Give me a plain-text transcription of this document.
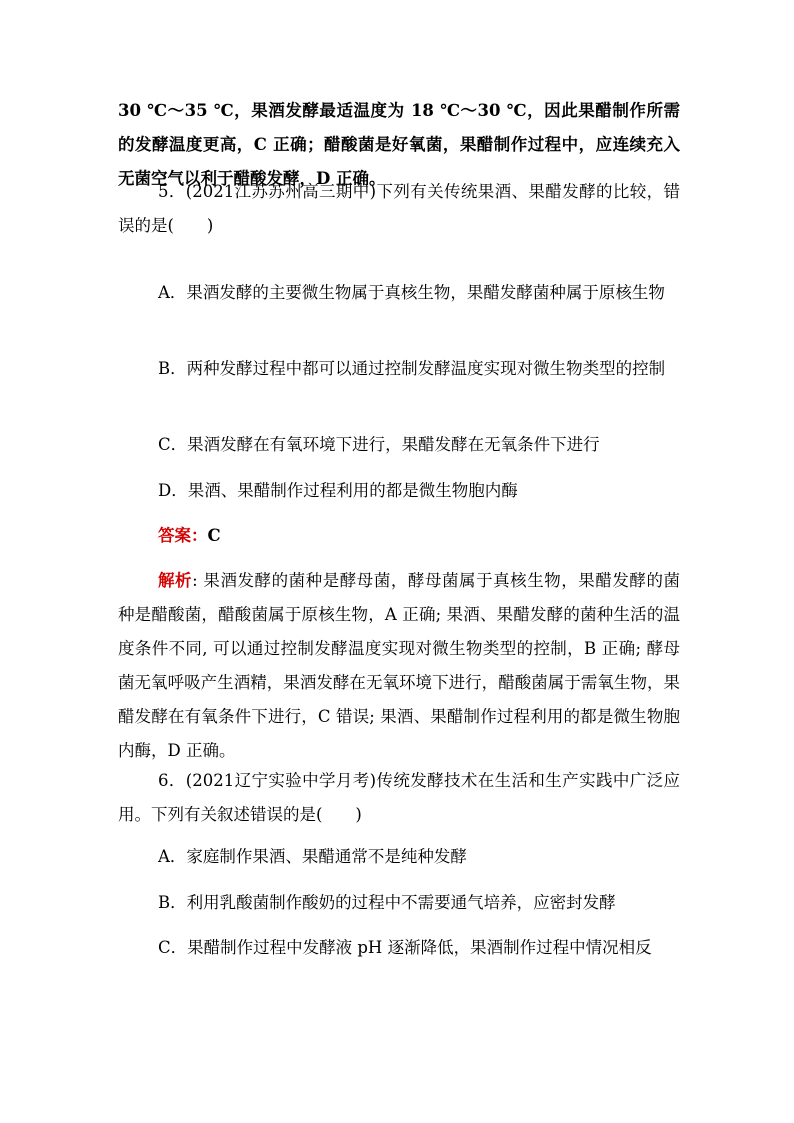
30 ℃～35 ℃，果酒发酵最适温度为 18 ℃～30 ℃，因此果醋制作所需的发酵温度更高，C 正确；醋酸菌是好氧菌，果醋制作过程中，应连续充入无菌空气以利于醋酸发酵，D 正确。

5．(2021江苏苏州高三期中)下列有关传统果酒、果醋发酵的比较，错误的是(　　)

A．果酒发酵的主要微生物属于真核生物，果醋发酵菌种属于原核生物

B．两种发酵过程中都可以通过控制发酵温度实现对微生物类型的控制

C．果酒发酵在有氧环境下进行，果醋发酵在无氧条件下进行

D．果酒、果醋制作过程利用的都是微生物胞内酶

答案：C

解析: 果酒发酵的菌种是酵母菌，酵母菌属于真核生物，果醋发酵的菌种是醋酸菌，醋酸菌属于原核生物，A 正确; 果酒、果醋发酵的菌种生活的温度条件不同, 可以通过控制发酵温度实现对微生物类型的控制，B 正确; 酵母菌无氧呼吸产生酒精，果酒发酵在无氧环境下进行，醋酸菌属于需氧生物，果醋发酵在有氧条件下进行，C 错误; 果酒、果醋制作过程利用的都是微生物胞内酶，D 正确。

6．(2021辽宁实验中学月考)传统发酵技术在生活和生产实践中广泛应用。下列有关叙述错误的是(　　)

A．家庭制作果酒、果醋通常不是纯种发酵

B．利用乳酸菌制作酸奶的过程中不需要通气培养，应密封发酵

C．果醋制作过程中发酵液 pH 逐渐降低，果酒制作过程中情况相反
